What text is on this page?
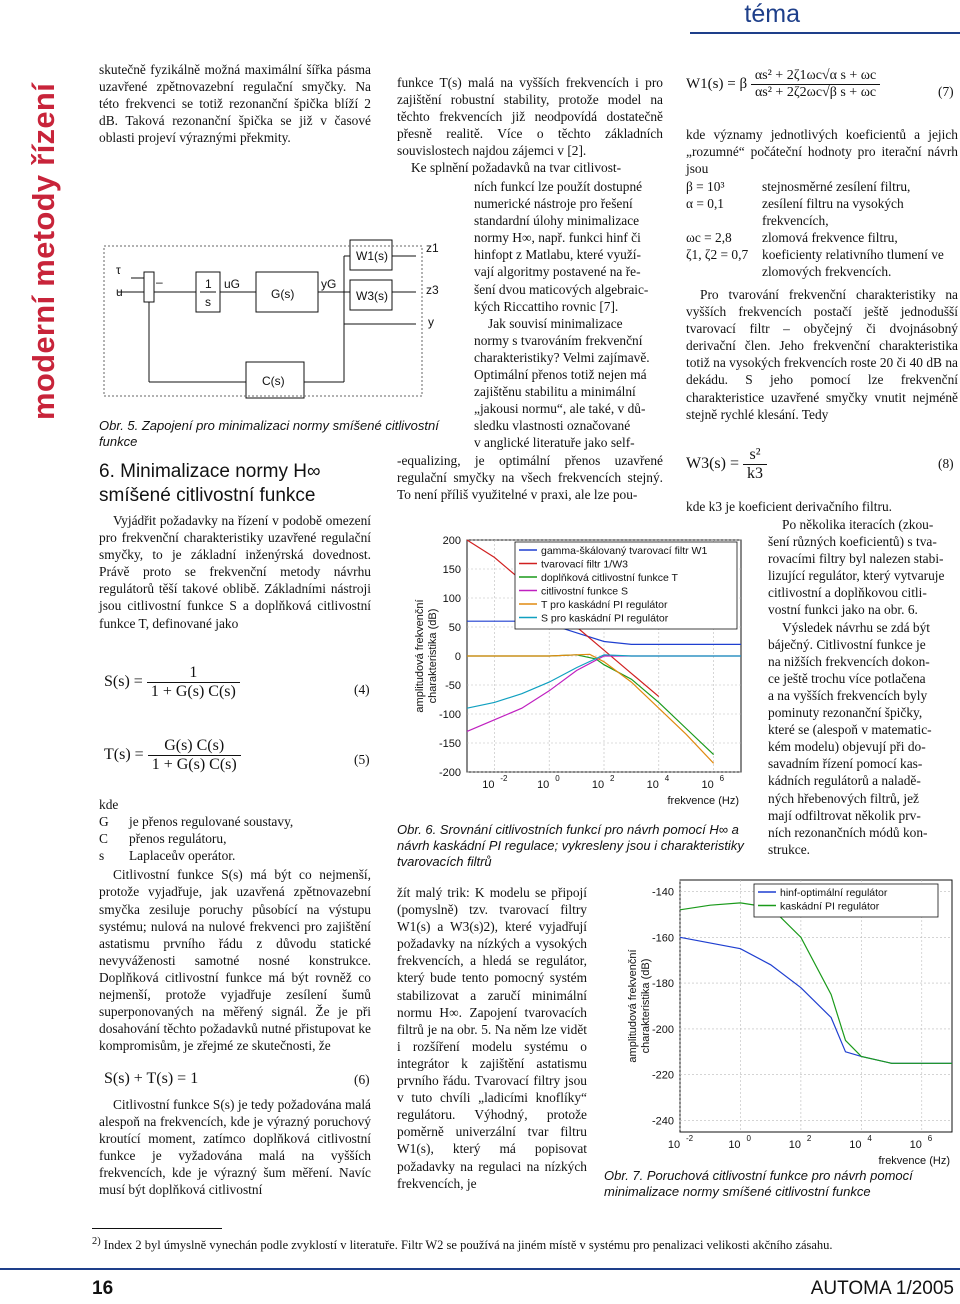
téma
moderní metody řízení

skutečně fyzikálně možná maximální šířka pásma uzavřené zpětnovazební regulační smyčky. Na této frekvenci se totiž rezonanční špička blíží 2 dB. Taková rezonanční špička se již v časové oblasti projeví výraznými překmity.

τ
u
–	1
s
uG
G(s)
yG
W1(s)
W3(s)
C(s)
z1
z3
y
Obr. 5. Zapojení pro minimalizaci normy smíšené citlivostní funkce
6. Minimalizace normy H∞ smíšené citlivostní funkce

Vyjádřit požadavky na řízení v podobě omezení pro frekvenční charakteristiky uzavřené regulační smyčky, to je základní inženýrská dovednost. Právě proto se frekvenční metody návrhu regulátorů těší takové oblibě. Základními nástroji jsou citlivostní funkce S a doplňková citlivostní funkce T, definované jako

$S(s) = \frac{1}{1 + G(s) C(s)}$	(4)
$T(s) = \frac{G(s) C(s)}{1 + G(s) C(s)}$	(5)

kde

G je přenos regulované soustavy,
C přenos regulátoru,
s Laplaceův operátor.

Citlivostní funkce S(s) má být co nejmenší, protože vyjadřuje, jak uzavřená zpětnovazební smyčka zesiluje poruchy působící na výstupu systému; nulová na nulové frekvenci pro zajištění astatismu prvního řádu z důvodu statické nevyváženosti samotné nosné konstrukce. Doplňková citlivostní funkce má být rovněž co nejmenší, protože vyjadřuje zesílení šumů superponovaných na měřený signál. Že je při dosahování těchto požadavků nutné přistupovat ke kompromisům, je zřejmé ze skutečnosti, že

S(s) + T(s) = 1	(6)

Citlivostní funkce S(s) je tedy požadována malá alespoň na frekvencích, kde je výrazný poruchový kroutící moment, zatímco doplňková citlivostní funkce je vyžadována malá na vyšších frekvencích, kde je výrazný šum měření. Navíc musí být doplňková citlivostní

funkce T(s) malá na vyšších frekvencích i pro zajištění robustní stability, protože model na těchto frekvencích již neodpovídá dostatečně přesně realitě. Více o těchto základních souvislostech najdou zájemci v [2].

Ke splnění požadavků na tvar citlivost-

ních funkcí lze použít dostupné
numerické nástroje pro řešení
standardní úlohy minimalizace
normy H∞, např. funkci hinf či
hinfopt z Matlabu, které využí-
vají algoritmy postavené na ře-
šení dvou maticových algebraic-
kých Riccattiho rovnic [7].
Jak souvisí minimalizace
normy s tvarováním frekvenční
charakteristiky? Velmi zajímavě.
Optimální přenos totiž nejen má
zajištěnu stabilitu a minimální
„jakousi normu“, ale také, v dů-
sledku vlastnosti označované
v anglické literatuře jako self-

-equalizing, je optimální přenos uzavřené regulační smyčky na všech frekvencích stejný. To není příliš využitelné v praxi, ale lze pou-

200
150
100
50
0
-50
-100
-150
-200
10
-2
10
0
10
2
10
4
10
6
frekvence (Hz)
amplitudová frekvenčnícharakteristika (dB)
gamma-škálovaný tvarovací filtr W1
tvarovací filtr 1/W3
doplňková citlivostní funkce T
citlivostní funkce S
T pro kaskádní PI regulátor
S pro kaskádní PI regulátor
Obr. 6. Srovnání citlivostních funkcí pro návrh pomocí H∞ a návrh kaskádní PI regulace; vykresleny jsou i charakteristiky tvarovacích filtrů

žít malý trik: K modelu se připojí (pomyslně) tzv. tvarovací filtry W1(s) a W3(s)2), které vyjadřují požadavky na nízkých a vysokých frekvencích, a hledá se regulátor, který bude tento pomocný systém stabilizovat a zaručí minimální normu H∞. Zapojení tvarovacích filtrů je na obr. 5. Na něm lze vidět i rozšíření modelu systému o integrátor k zajištění astatismu prvního řádu. Tvarovací filtry jsou v tuto chvíli „ladicími knoflíky“ regulátoru. Výhodný, protože poměrně univerzální tvar filtru W1(s), který má popisovat požadavky na regulaci na nízkých frekvencích, je

W1(s) = β $\frac{\text{αs² + 2ζ1ωc√α s + ωc}}{\text{αs² + 2ζ2ωc√β s + ωc}}$	(7)

kde významy jednotlivých koeficientů a jejich „rozumné“ počáteční hodnoty pro iterační návrh jsou

β = 10³	stejnosměrné zesílení filtru,
α = 0,1	zesílení filtru na vysokých frekvencích,
ωc = 2,8	zlomová frekvence filtru,
ζ1, ζ2 = 0,7	koeficienty relativního tlumení ve zlomových frekvencích.

Pro tvarování frekvenční charakteristiky na vyšších frekvencích postačí ještě jednodušší tvarovací filtr – obyčejný či dvojnásobný derivační člen. Jeho frekvenční charakteristika totiž na vysokých frekvencích roste 20 či 40 dB na dekádu. S jeho pomocí lze frekvenční charakteristice uzavřené smyčky vnutit nejméně stejně rychlé klesání. Tedy

$W3(s) = \frac{\text{s²}}{k3}$	(8)

kde k3 je koeficient derivačního filtru.

Po několika iteracích (zkou-
šení různých koeficientů) s tva-
rovacími filtry byl nalezen stabi-
lizující regulátor, který vytvaruje
citlivostní a doplňkovou citli-
vostní funkci jako na obr. 6.
Výsledek návrhu se zdá být
báječný. Citlivostní funkce je
na nižších frekvencích dokon-
ce ještě trochu více potlačena
a na vyšších frekvencích byly
pominuty rezonanční špičky,
které se (alespoň v matematic-
kém modelu) objevují při do-
savadním řízení pomocí kas-
kádních regulátorů a naladě-
ných hřebenových filtrů, jež
mají odfiltrovat několik prv-
ních rezonančních módů kon-
strukce.
-140
-160
-180
-200
-220
-240
10
-2
10
0
10
2
10
4
10
6
frekvence (Hz)
amplitudová frekvenčnícharakteristika (dB)
hinf-optimální regulátor
kaskádní PI regulátor
Obr. 7. Poruchová citlivostní funkce pro návrh pomocí minimalizace normy smíšené citlivostní funkce
$^{2)}$ Index 2 byl úmyslně vynechán podle zvyklostí v literatuře. Filtr W2 se používá na jiném místě v systému pro penalizaci velikosti akčního zásahu.
16	AUTOMA 1/2005
